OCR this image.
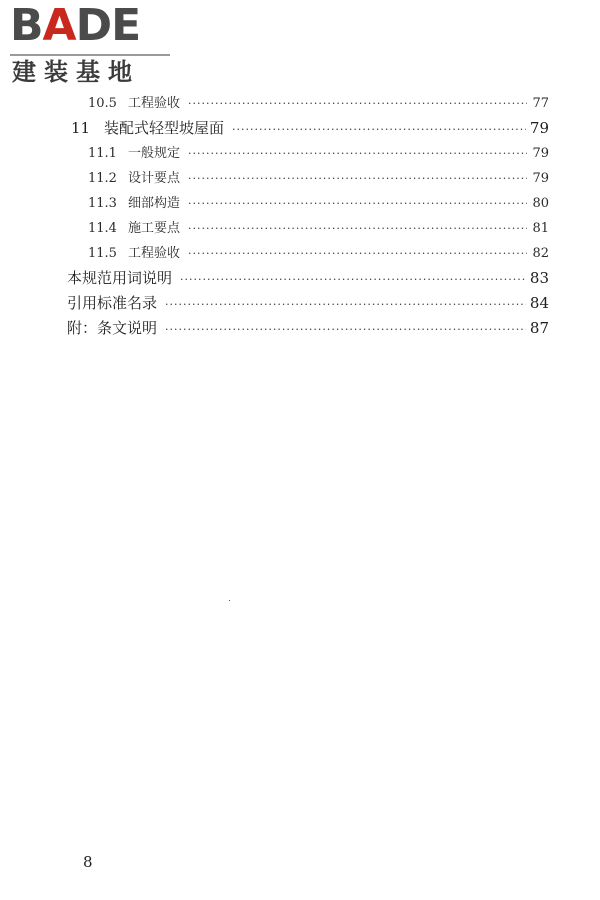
B A D E
建装基地
10.5 工程验收 ·····	77
11 装配式轻型坡屋面 ·····	79
11.1 一般规定 ·····	79
11.2 设计要点 ·····	79
11.3 细部构造 ·····	80
11.4 施工要点 ·····	81
11.5 工程验收 ·····	82
本规范用词说明 ·····	83
引用标准名录 ·····	84
附：条文说明 ·····	87
8
